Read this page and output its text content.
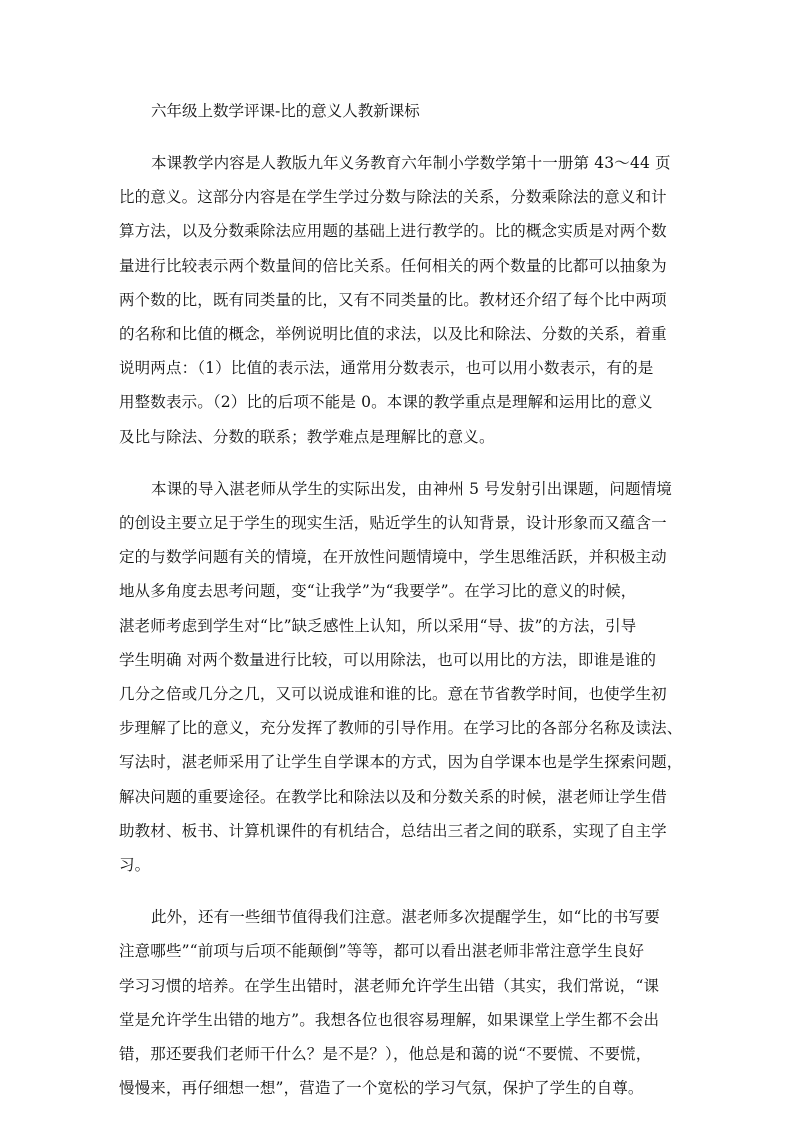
六年级上数学评课-比的意义人教新课标
本课教学内容是人教版九年义务教育六年制小学数学第十一册第 43～44 页
比的意义。这部分内容是在学生学过分数与除法的关系，分数乘除法的意义和计
算方法，以及分数乘除法应用题的基础上进行教学的。比的概念实质是对两个数
量进行比较表示两个数量间的倍比关系。任何相关的两个数量的比都可以抽象为
两个数的比，既有同类量的比，又有不同类量的比。教材还介绍了每个比中两项
的名称和比值的概念，举例说明比值的求法，以及比和除法、分数的关系，着重
说明两点：（1）比值的表示法，通常用分数表示，也可以用小数表示，有的是
用整数表示。（2）比的后项不能是 0。本课的教学重点是理解和运用比的意义
及比与除法、分数的联系；教学难点是理解比的意义。
本课的导入湛老师从学生的实际出发，由神州 5 号发射引出课题，问题情境
的创设主要立足于学生的现实生活，贴近学生的认知背景，设计形象而又蕴含一
定的与数学问题有关的情境，在开放性问题情境中，学生思维活跃，并积极主动
地从多角度去思考问题，变“让我学”为“我要学”。在学习比的意义的时候，
湛老师考虑到学生对“比”缺乏感性上认知，所以采用“导、拔”的方法，引导
学生明确 对两个数量进行比较，可以用除法，也可以用比的方法，即谁是谁的
几分之倍或几分之几，又可以说成谁和谁的比。意在节省教学时间，也使学生初
步理解了比的意义，充分发挥了教师的引导作用。在学习比的各部分名称及读法、
写法时，湛老师采用了让学生自学课本的方式，因为自学课本也是学生探索问题，
解决问题的重要途径。在教学比和除法以及和分数关系的时候，湛老师让学生借
助教材、板书、计算机课件的有机结合，总结出三者之间的联系，实现了自主学
习。
此外，还有一些细节值得我们注意。湛老师多次提醒学生，如“比的书写要
注意哪些”“前项与后项不能颠倒”等等，都可以看出湛老师非常注意学生良好
学习习惯的培养。在学生出错时，湛老师允许学生出错（其实，我们常说，“课
堂是允许学生出错的地方”。我想各位也很容易理解，如果课堂上学生都不会出
错，那还要我们老师干什么？是不是？），他总是和蔼的说“不要慌、不要慌，
慢慢来，再仔细想一想”，营造了一个宽松的学习气氛，保护了学生的自尊。
